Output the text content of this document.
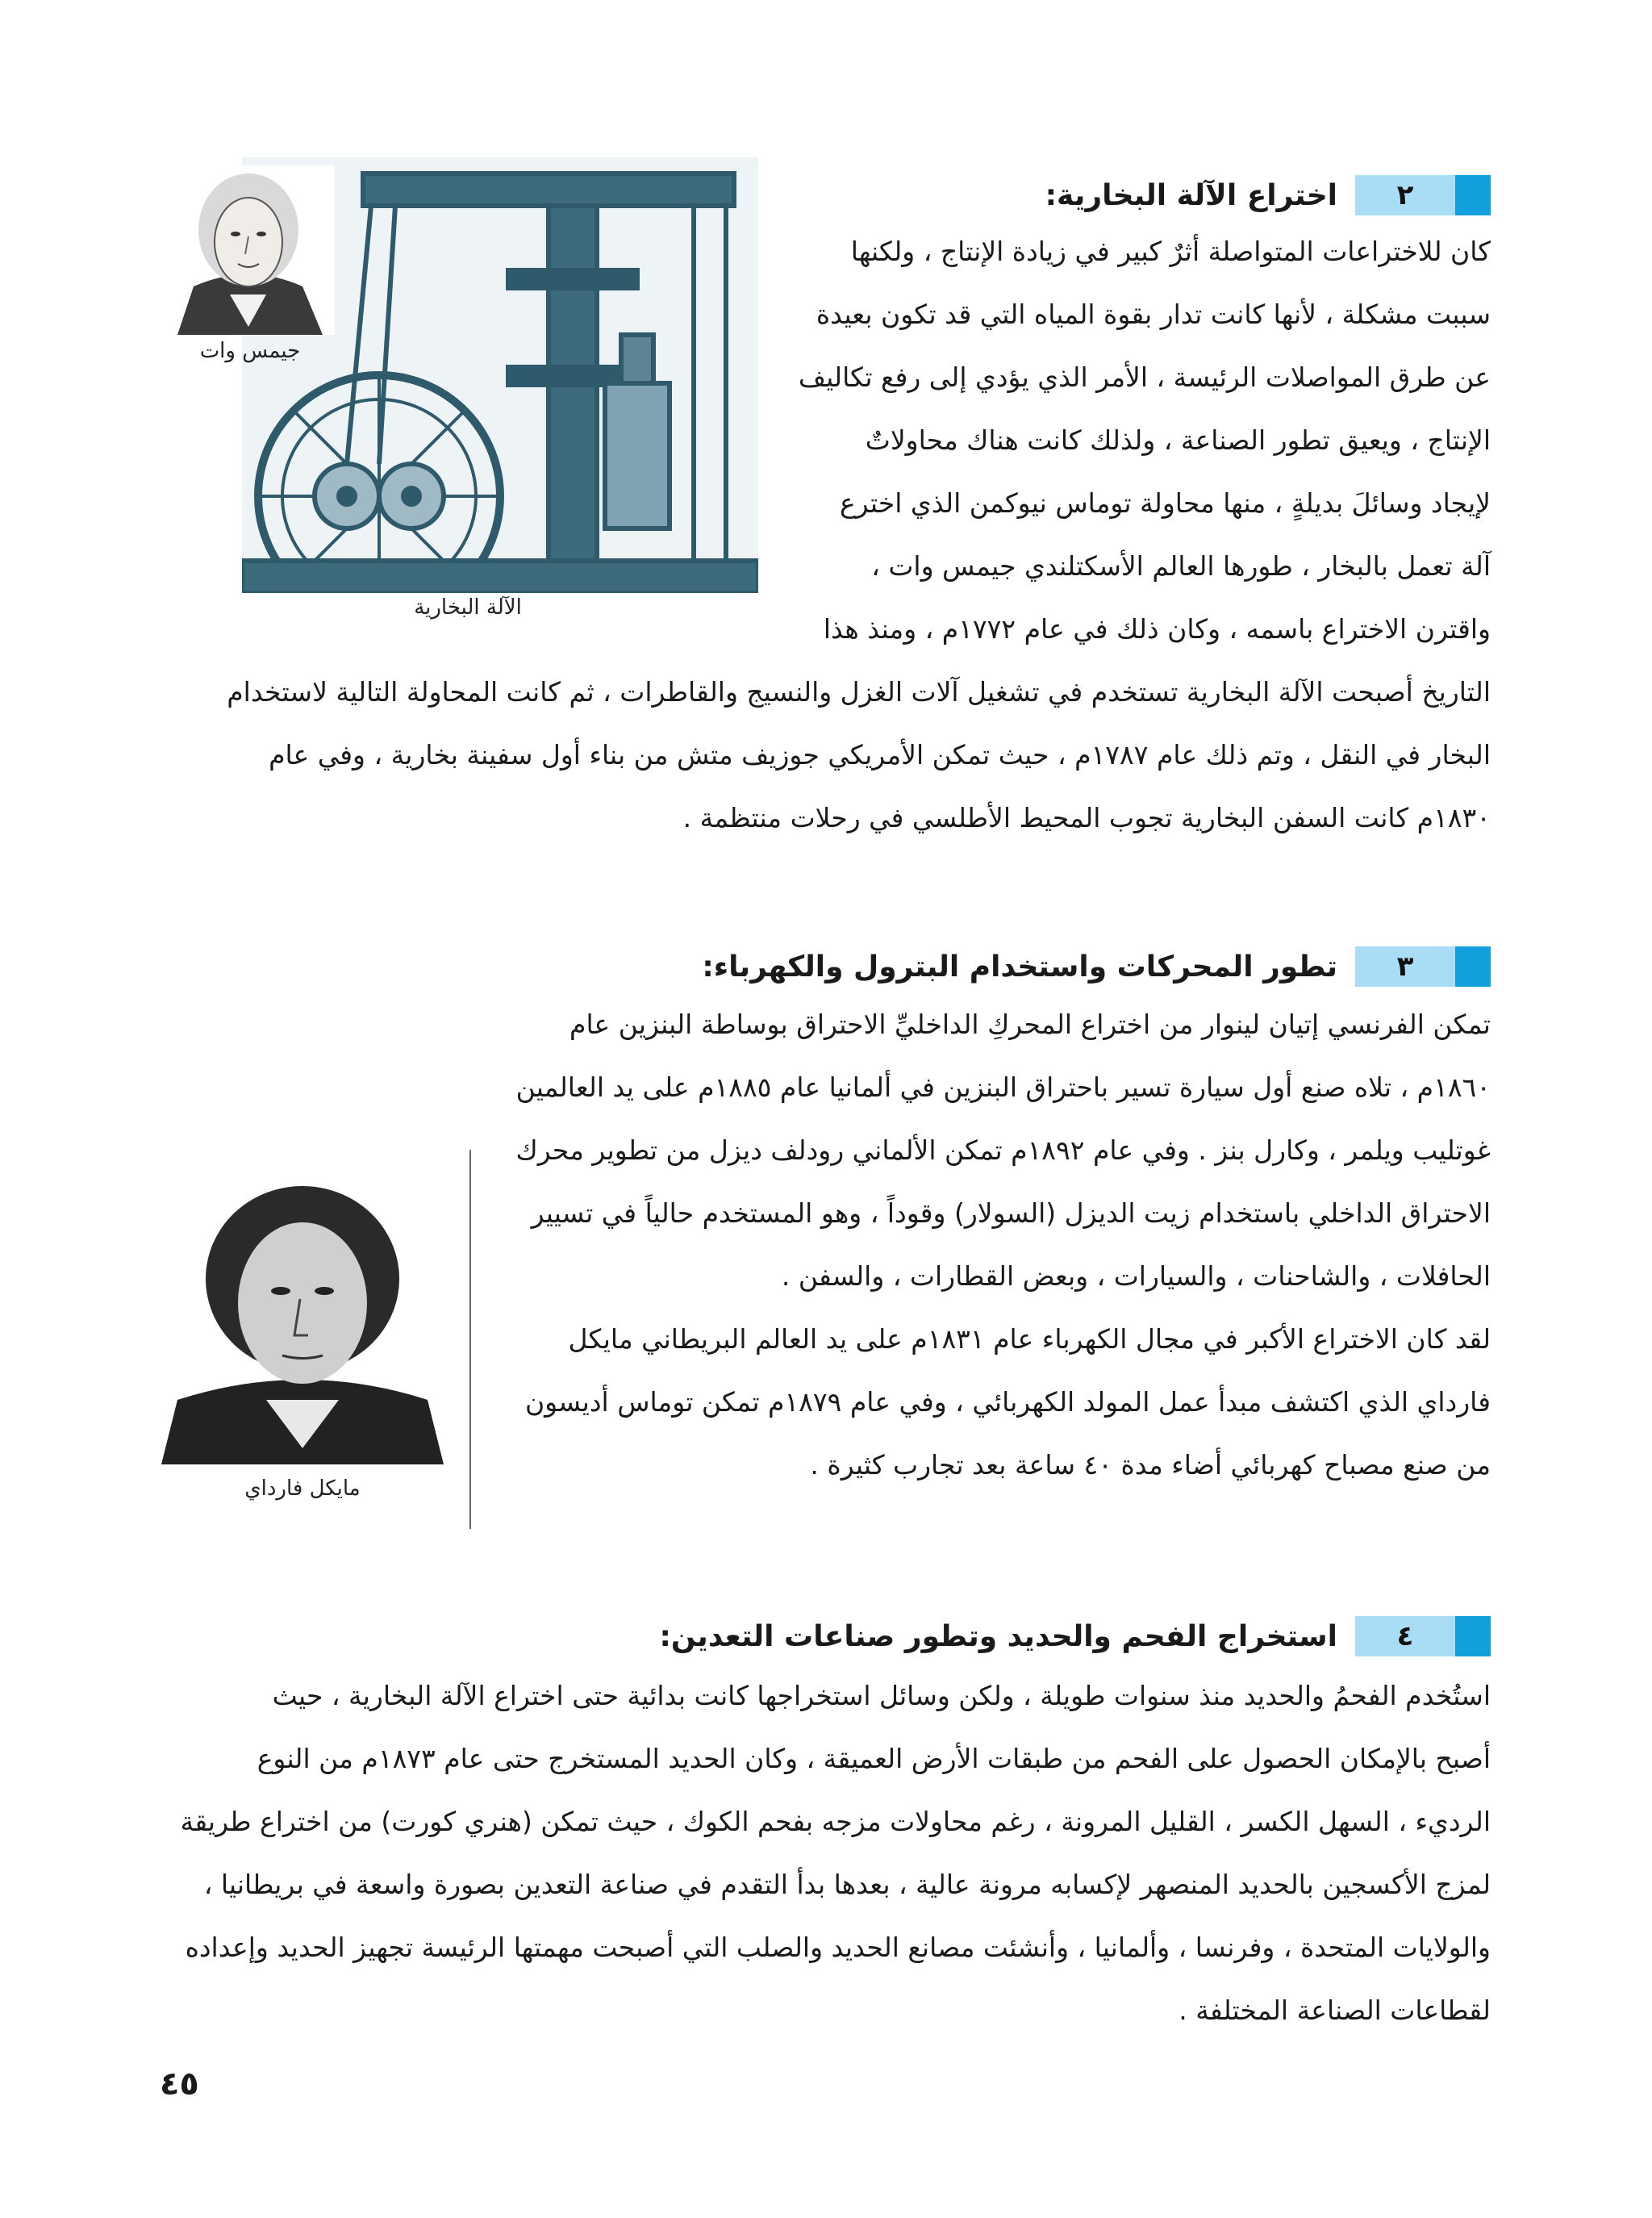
جيمس وات
الآلة البخارية
٢
اختراع الآلة البخارية:
كان للاختراعات المتواصلة أثرٌ كبير في زيادة الإنتاج ، ولكنها
سببت مشكلة ، لأنها كانت تدار بقوة المياه التي قد تكون بعيدة
عن طرق المواصلات الرئيسة ، الأمر الذي يؤدي إلى رفع تكاليف
الإنتاج ، ويعيق تطور الصناعة ، ولذلك كانت هناك محاولاتٌ
لإيجاد وسائلَ بديلةٍ ، منها محاولة توماس نيوكمن الذي اخترع
آلة تعمل بالبخار ، طورها العالم الأسكتلندي جيمس وات ،
واقترن الاختراع باسمه ، وكان ذلك في عام ١٧٧٢م ، ومنذ هذا
التاريخ أصبحت الآلة البخارية تستخدم في تشغيل آلات الغزل والنسيج والقاطرات ، ثم كانت المحاولة التالية لاستخدام
البخار في النقل ، وتم ذلك عام ١٧٨٧م ، حيث تمكن الأمريكي جوزيف متش من بناء أول سفينة بخارية ، وفي عام
١٨٣٠م كانت السفن البخارية تجوب المحيط الأطلسي في رحلات منتظمة .
٣
تطور المحركات واستخدام البترول والكهرباء:
مايكل فارداي
تمكن الفرنسي إتيان لينوار من اختراع المحركِ الداخليِّ الاحتراق بوساطة البنزين عام
١٨٦٠م ، تلاه صنع أول سيارة تسير باحتراق البنزين في ألمانيا عام ١٨٨٥م على يد العالمين
غوتليب ويلمر ، وكارل بنز . وفي عام ١٨٩٢م تمكن الألماني رودلف ديزل من تطوير محرك
الاحتراق الداخلي باستخدام زيت الديزل (السولار) وقوداً ، وهو المستخدم حالياً في تسيير
الحافلات ، والشاحنات ، والسيارات ، وبعض القطارات ، والسفن .
لقد كان الاختراع الأكبر في مجال الكهرباء عام ١٨٣١م على يد العالم البريطاني مايكل
فارداي الذي اكتشف مبدأ عمل المولد الكهربائي ، وفي عام ١٨٧٩م تمكن توماس أديسون
من صنع مصباح كهربائي أضاء مدة ٤٠ ساعة بعد تجارب كثيرة .
٤
استخراج الفحم والحديد وتطور صناعات التعدين:
استُخدم الفحمُ والحديد منذ سنوات طويلة ، ولكن وسائل استخراجها كانت بدائية حتى اختراع الآلة البخارية ، حيث
أصبح بالإمكان الحصول على الفحم من طبقات الأرض العميقة ، وكان الحديد المستخرج حتى عام ١٨٧٣م من النوع
الرديء ، السهل الكسر ، القليل المرونة ، رغم محاولات مزجه بفحم الكوك ، حيث تمكن (هنري كورت) من اختراع طريقة
لمزج الأكسجين بالحديد المنصهر لإكسابه مرونة عالية ، بعدها بدأ التقدم في صناعة التعدين بصورة واسعة في بريطانيا ،
والولايات المتحدة ، وفرنسا ، وألمانيا ، وأنشئت مصانع الحديد والصلب التي أصبحت مهمتها الرئيسة تجهيز الحديد وإعداده
لقطاعات الصناعة المختلفة .
٤٥
